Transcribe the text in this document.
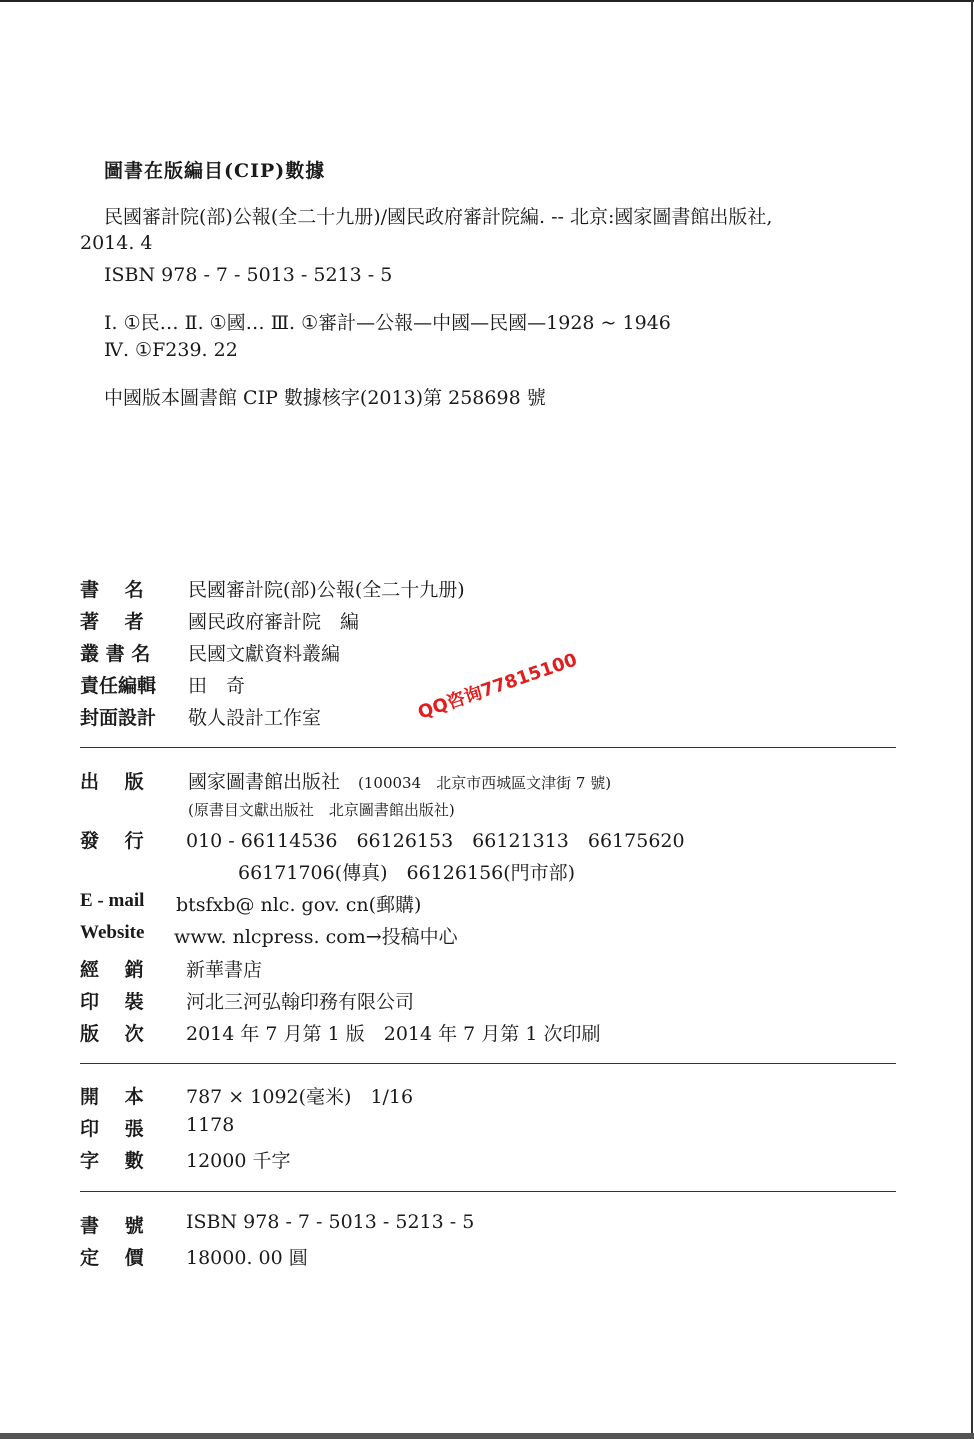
圖書在版編目(CIP)數據
民國審計院(部)公報(全二十九册)/國民政府審計院編. -- 北京:國家圖書館出版社,
2014. 4
ISBN 978 - 7 - 5013 - 5213 - 5
Ⅰ. ①民… Ⅱ. ①國… Ⅲ. ①審計—公報—中國—民國—1928 ~ 1946
Ⅳ. ①F239. 22
中國版本圖書館 CIP 數據核字(2013)第 258698 號
書　 名 民國審計院(部)公報(全二十九册)
著　 者 國民政府審計院　編
叢 書 名 民國文獻資料叢編
責任編輯 田　奇
封面設計 敬人設計工作室
出　 版 國家圖書館出版社 (100034　北京市西城區文津街 7 號)
(原書目文獻出版社　北京圖書館出版社)
發　 行 010 - 66114536　66126153　66121313　66175620
66171706(傳真)　66126156(門市部)
E - mail btsfxb@ nlc. gov. cn(郵購)
Website www. nlcpress. com→投稿中心
經　 銷 新華書店
印　 裝 河北三河弘翰印務有限公司
版　 次 2014 年 7 月第 1 版　2014 年 7 月第 1 次印刷
開　 本 787 × 1092(毫米)　1/16
印　 張 1178
字　 數 12000 千字
書　 號 ISBN 978 - 7 - 5013 - 5213 - 5
定　 價 18000. 00 圓
QQ咨询77815100
